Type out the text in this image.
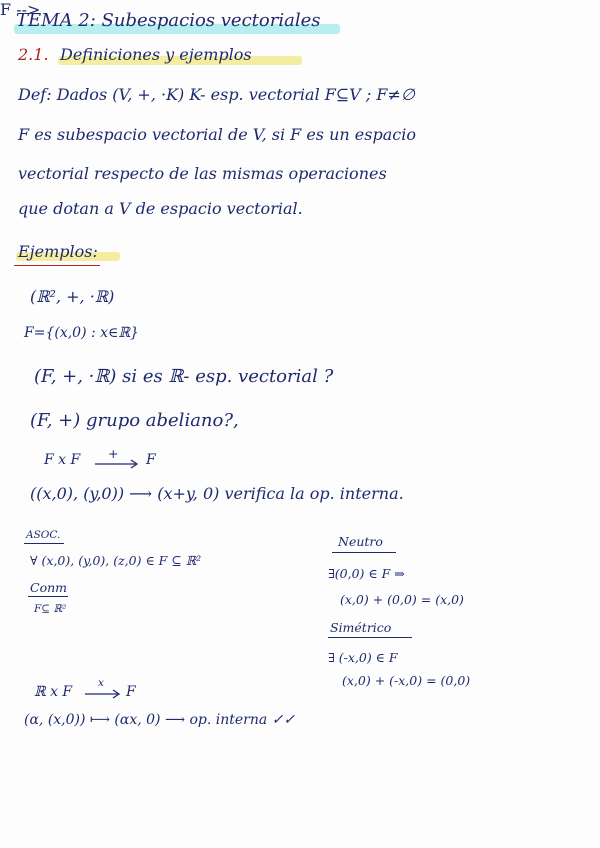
TEMA 2: Subespacios vectoriales
2.1. Definiciones y ejemplos
Def: Dados (V, +, ·K) K- esp. vectorial F⊆V ; F≠∅
F es subespacio vectorial de V, si F es un espacio
vectorial respecto de las mismas operaciones
que dotan a V de espacio vectorial.
Ejemplos:
(ℝ², +, ·ℝ)
F={(x,0) : x∈ℝ}
(F, +, ·ℝ) si es ℝ- esp. vectorial ?
(F, +) grupo abeliano?,
F -->
F x F + F
((x,0), (y,0)) ⟶ (x+y, 0) verifica la op. interna.
ASOC.
∀ (x,0), (y,0), (z,0) ∈ F ⊆ ℝ²
Conm
F⊆ ℝ²
Neutro
∃(0,0) ∈ F ⇒
(x,0) + (0,0) = (x,0)
Simétrico
∃ (-x,0) ∈ F
(x,0) + (-x,0) = (0,0)
ℝ x F
x
F
(α, (x,0)) ⟼ (αx, 0) ⟶ op. interna ✓✓
